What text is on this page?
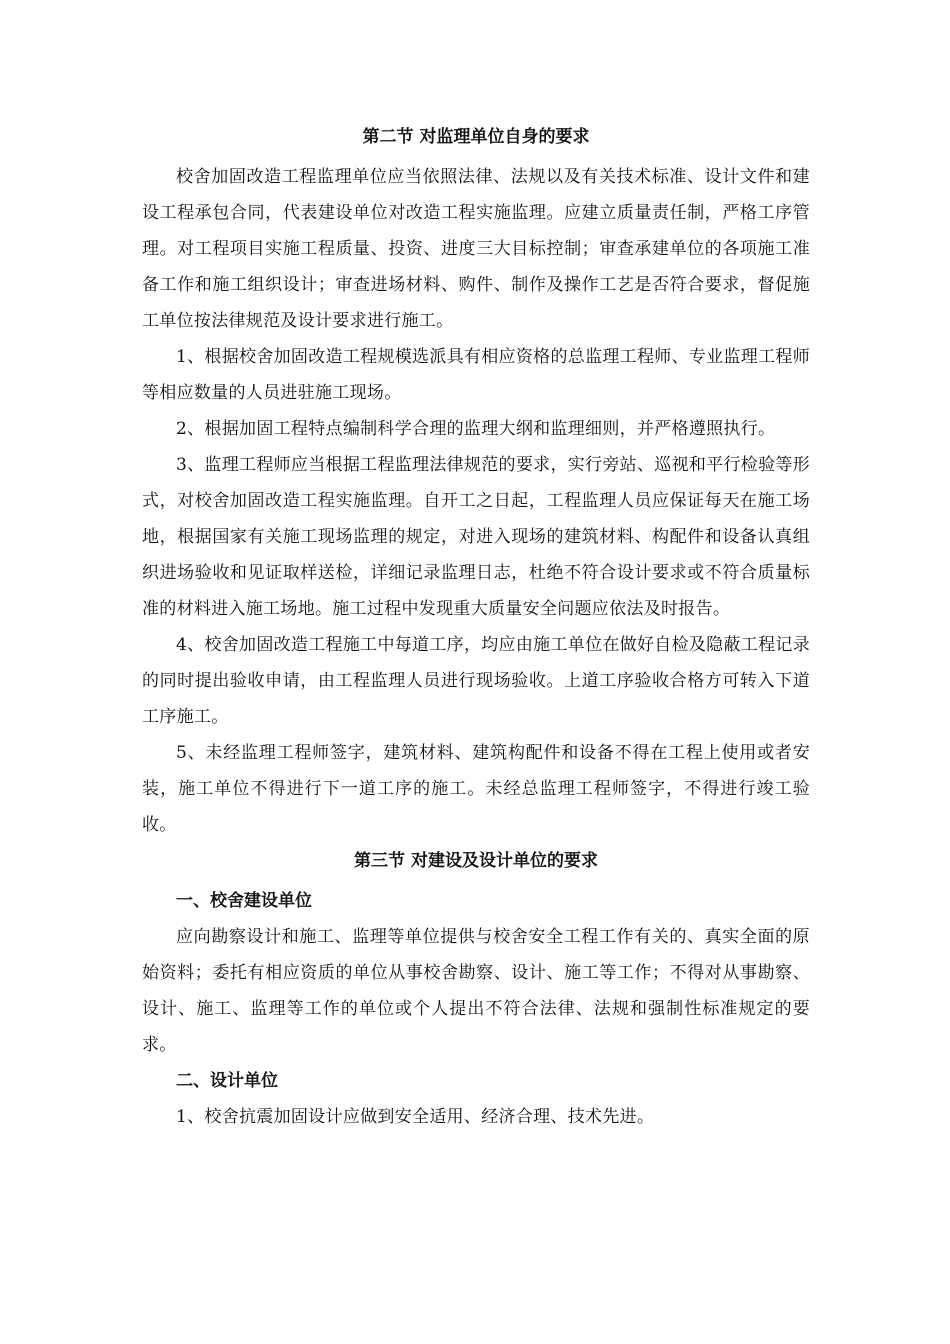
第二节 对监理单位自身的要求

校舍加固改造工程监理单位应当依照法律、法规以及有关技术标准、设计文件和建设工程承包合同，代表建设单位对改造工程实施监理。应建立质量责任制，严格工序管理。对工程项目实施工程质量、投资、进度三大目标控制；审查承建单位的各项施工准备工作和施工组织设计；审查进场材料、购件、制作及操作工艺是否符合要求，督促施工单位按法律规范及设计要求进行施工。

1、根据校舍加固改造工程规模选派具有相应资格的总监理工程师、专业监理工程师等相应数量的人员进驻施工现场。

2、根据加固工程特点编制科学合理的监理大纲和监理细则，并严格遵照执行。

3、监理工程师应当根据工程监理法律规范的要求，实行旁站、巡视和平行检验等形式，对校舍加固改造工程实施监理。自开工之日起，工程监理人员应保证每天在施工场地，根据国家有关施工现场监理的规定，对进入现场的建筑材料、构配件和设备认真组织进场验收和见证取样送检，详细记录监理日志，杜绝不符合设计要求或不符合质量标准的材料进入施工场地。施工过程中发现重大质量安全问题应依法及时报告。

4、校舍加固改造工程施工中每道工序，均应由施工单位在做好自检及隐蔽工程记录的同时提出验收申请，由工程监理人员进行现场验收。上道工序验收合格方可转入下道工序施工。

5、未经监理工程师签字，建筑材料、建筑构配件和设备不得在工程上使用或者安装，施工单位不得进行下一道工序的施工。未经总监理工程师签字，不得进行竣工验收。

第三节 对建设及设计单位的要求

一、校舍建设单位

应向勘察设计和施工、监理等单位提供与校舍安全工程工作有关的、真实全面的原始资料；委托有相应资质的单位从事校舍勘察、设计、施工等工作；不得对从事勘察、设计、施工、监理等工作的单位或个人提出不符合法律、法规和强制性标准规定的要求。

二、设计单位

1、校舍抗震加固设计应做到安全适用、经济合理、技术先进。
